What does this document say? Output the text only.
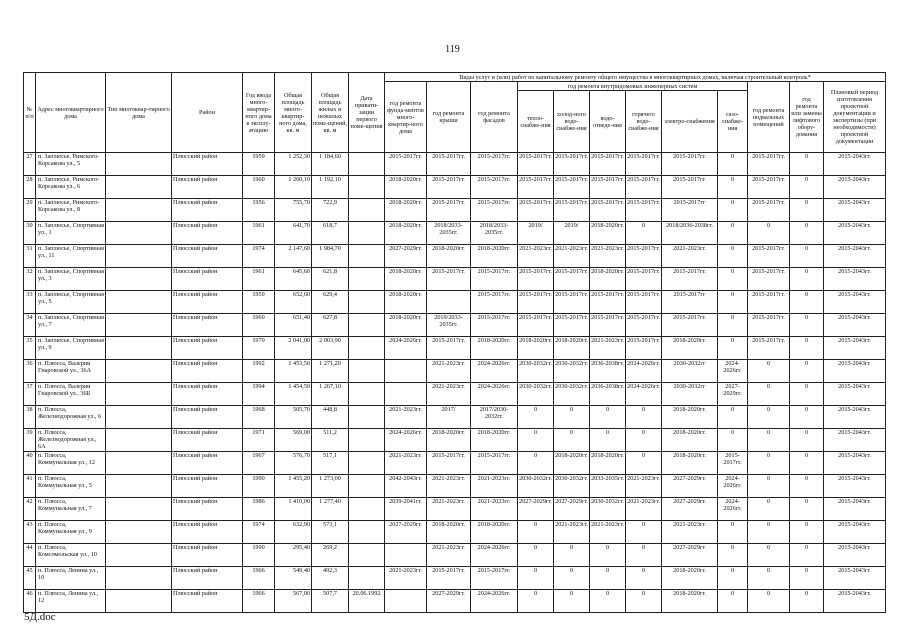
119
№ п/п	Адрес многоквартирного дома	Тип многоквар-тирного дома	Район	Год ввода много-квартир-ного дома в эксплу-атацию	Общая площадь много-квартир-ного дома, кв. м	Общая площадь жилых и нежилых поме-щений, кв. м	Дата привати-зации первого поме-щения	Виды услуг и (или) работ по капитальному ремонту общего имущества в многоквартирных домах, включая строительный контроль*											
								год ремонта фунда-ментов много-квартир-ного дома	год ремонта крыши	год ремонта фасадов	год ремонта внутридомовых инженерных систем						год ремонта подвальных помещений	год ремонта или замены лифтового обору-дования	Плановый период изготовления проектной документации и экспертизы (при необходимости) проектной документации
											тепло-снабже-ния	холод-ного водо-снабже-ния	водо-отведе-ния	горячего водо-снабже-ния	электро-снабжения	газо-снабже-ния			
27	п. Заплюсье, Римского-Корсакова ул., 5		Плюсский район	1959	1 252,30	1 184,60		2015-2017гг.	2015-2017гг.	2015-2017гг.	2015-2017гг.	2015-2017гг.	2015-2017гг.	2015-2017гг.	2015-2017гг.	0	2015-2017гг.	0	2015-2043гг.
28	п. Заплюсье, Римского-Корсакова ул., 6		Плюсский район	1960	1 260,10	1 192,10		2018-2020гг.	2015-2017гг.	2015-2017гг.	2015-2017гг.	2015-2017гг.	2015-2017гг.	2015-2017гг.	2015-2017гг.	0	2015-2017гг.	0	2015-2043гг.
29	п. Заплюсье, Римского-Корсакова ул., 8		Плюсский район	1956	755,70	722,9		2018-2020гг.	2015-2017гг.	2015-2017гг.	2015-2017гг.	2015-2017гг.	2015-2017гг.	2015-2017гг.	2015-2017гг	0	2015-2017гг.	0	2015-2043гг.
30	п. Заплюсье, Спортивная ул., 1		Плюсский район	1961	641,70	618,7		2018-2020гг.	2018/2033-2035гг.	2018/2033-2035гг.	2019/	2019/	2018-2020гг.	0	2018/2036-2038гг.	0	0	0	2015-2043гг.
31	п. Заплюсье, Спортивная ул., 11		Плюсский район	1974	2 147,60	1 984,70		2027-2029гг.	2018-2020гг.	2018-2020гг.	2021-2023гг.	2021-2023гг.	2021-2023гг.	2015-2017гг.	2021-2023гг.	0	2015-2017гг.	0	2015-2043гг.
32	п. Заплюсье, Спортивная ул., 3		Плюсский район	1961	645,60	621,8		2018-2020гг.	2015-2017гг.	2015-2017гг.	2015-2017гг.	2015-2017гг.	2018-2020гг.	2015-2017гг.	2015-2017гг.	0	2015-2017гг.	0	2015-2043гг.
33	п. Заплюсье, Спортивная ул., 5		Плюсский район	1959	652,60	629,4		2018-2020гг.		2015-2017гг.	2015-2017гг.	2015-2017гг.	2015-2017гг.	2015-2017гг.	2015-2017гг	0	2015-2017гг.	0	2015-2043гг.
34	п. Заплюсье, Спортивная ул., 7		Плюсский район	1960	651,40	627,8		2018-2020гг.	2019/2033-2035гг.	2015-2017гг.	2015-2017гг.	2015-2017гг.	2015-2017гг.	2015-2017гг.	2015-2017гг.	0	2015-2017гг.	0	2015-2043гг.
35	п. Заплюсье, Спортивная ул., 9		Плюсский район	1970	2 041,00	2 003,90		2024-2026гг.	2015-2017гг.	2018-2020гг.	2018-2020гг.	2018-2020гг.	2021-2023гг.	2015-2017гг.	2018-2020гг.	0	2015-2017гг.	0	2015-2043гг.
36	п. Плюсса, Валерии Гнаровской ул., 36А		Плюсский район	1992	1 453,50	1 271,20			2021-2023гг.	2024-2026гг.	2030-2032гг.	2030-2032гг.	2036-2038гг.	2024-2026гг.	2030-2032гг	2024-2026гг.	0	0	2015-2043гг.
37	п. Плюсса, Валерии Гнаровской ул., 36Б		Плюсский район	1994	1 454,50	1 267,10			2021-2023гг.	2024-2026гг.	2030-2032гг.	2030-2032гг.	2036-2038гг.	2024-2026гг.	2030-2032гг	2027-2029гг.	0	0	2015-2043гг.
38	п. Плюсса, Железнодорожная ул., 6		Плюсский район	1968	505,70	448,8		2021-2023гг.	2017/	2017/2030-2032гг.	0	0	0	0	2018-2020гг.	0	0	0	2015-2043гг.
39	п. Плюсса, Железнодорожная ул., 6А		Плюсский район	1971	569,00	511,2		2024-2026гг.	2018-2020гг.	2018-2020гг.	0	0	0	0	2018-2020гг.	0	0	0	2015-2043гг.
40	п. Плюсса, Коммунальная ул., 12		Плюсский район	1967	576,70	517,1		2021-2023гг.	2015-2017гг.	2015-2017гг.	0	2018-2020гг.	2018-2020гг.	0	2018-2020гг.	2015-2017гг.	0	0	2015-2043гг.
41	п. Плюсса, Коммунальная ул., 5		Плюсский район	1990	1 455,20	1 273,00		2042-2043гг.	2021-2023гг.	2021-2023гг.	2030-2032гг.	2030-2032гг.	2033-2035гг.	2021-2023гг.	2027-2029гг.	2024-2026гг.	0	0	2015-2043гг.
42	п. Плюсса, Коммунальная ул., 7		Плюсский район	1986	1 410,00	1 277,40		2039-2041гг.	2021-2023гг.	2021-2023гг.	2027-2029гг.	2027-2029гг.	2030-2032гг.	2021-2023гг.	2027-2029гг.	2024-2026гг.	0	0	2015-2043гг.
43	п. Плюсса, Коммунальная ул., 9		Плюсский район	1974	632,90	573,1		2027-2029гг.	2018-2020гг.	2018-2020гг.	0	2021-2023гг.	2021-2023гг.	0	2021-2023гг.	0	0	0	2015-2043гг.
44	п. Плюсса, Комсомольская ул., 10		Плюсский район	1990	295,40	269,2			2021-2023гг.	2024-2026гг.	0	0	0	0	2027-2029гг.	0	0	0	2015-2043гг.
45	п. Плюсса, Ленина ул., 10		Плюсский район	1966	549,40	492,3		2021-2023гг.	2015-2017гг.	2015-2017гг.	0	0	0	0	2018-2020гг.	0	0	0	2015-2043гг.
46	п. Плюсса, Ленина ул., 12		Плюсский район	1966	567,00	507,7	20.06.1992		2027-2029гг.	2024-2026гг.	0	0	0	0	2018-2020гг.	0	0	0	2015-2043гг.
5Д.doc
